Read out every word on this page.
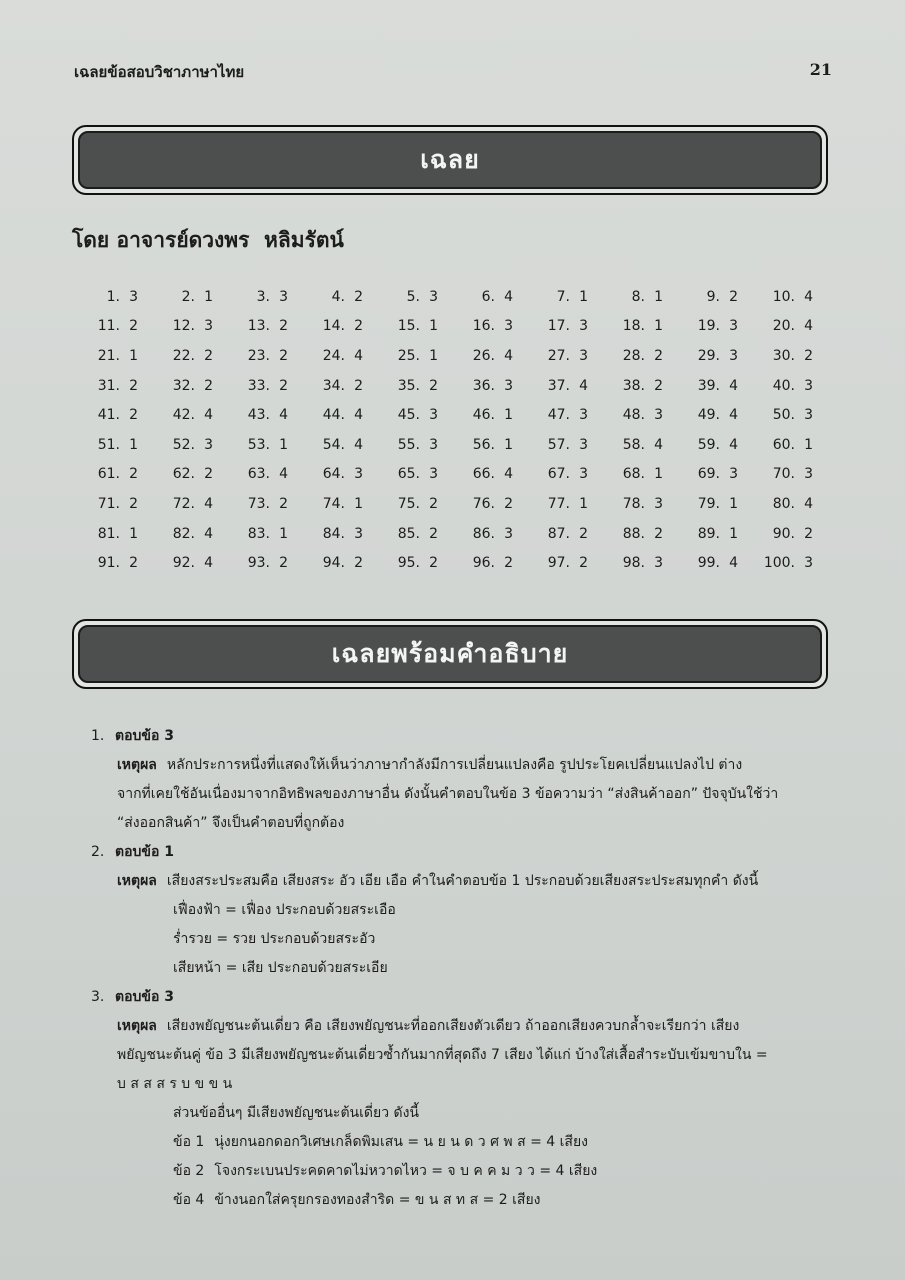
เฉลยข้อสอบวิชาภาษาไทย	21
เฉลย
โดย อาจารย์ดวงพร  หลิมรัตน์
1. 3	2. 1	3. 3	4. 2	5. 3	6. 4	7. 1	8. 1	9. 2	10. 4
11. 2	12. 3	13. 2	14. 2	15. 1	16. 3	17. 3	18. 1	19. 3	20. 4
21. 1	22. 2	23. 2	24. 4	25. 1	26. 4	27. 3	28. 2	29. 3	30. 2
31. 2	32. 2	33. 2	34. 2	35. 2	36. 3	37. 4	38. 2	39. 4	40. 3
41. 2	42. 4	43. 4	44. 4	45. 3	46. 1	47. 3	48. 3	49. 4	50. 3
51. 1	52. 3	53. 1	54. 4	55. 3	56. 1	57. 3	58. 4	59. 4	60. 1
61. 2	62. 2	63. 4	64. 3	65. 3	66. 4	67. 3	68. 1	69. 3	70. 3
71. 2	72. 4	73. 2	74. 1	75. 2	76. 2	77. 1	78. 3	79. 1	80. 4
81. 1	82. 4	83. 1	84. 3	85. 2	86. 3	87. 2	88. 2	89. 1	90. 2
91. 2	92. 4	93. 2	94. 2	95. 2	96. 2	97. 2	98. 3	99. 4	100. 3
เฉลยพร้อมคำอธิบาย
1. ตอบข้อ 3
เหตุผล หลักประการหนึ่งที่แสดงให้เห็นว่าภาษากำลังมีการเปลี่ยนแปลงคือ รูปประโยคเปลี่ยนแปลงไป ต่าง
จากที่เคยใช้อันเนื่องมาจากอิทธิพลของภาษาอื่น ดังนั้นคำตอบในข้อ 3 ข้อความว่า “ส่งสินค้าออก” ปัจจุบันใช้ว่า
“ส่งออกสินค้า” จึงเป็นคำตอบที่ถูกต้อง
2. ตอบข้อ 1
เหตุผล เสียงสระประสมคือ เสียงสระ อัว เอีย เอือ คำในคำตอบข้อ 1 ประกอบด้วยเสียงสระประสมทุกคำ ดังนี้
เฟื่องฟ้า = เฟื่อง ประกอบด้วยสระเอือ
ร่ำรวย = รวย ประกอบด้วยสระอัว
เสียหน้า = เสีย ประกอบด้วยสระเอีย
3. ตอบข้อ 3
เหตุผล เสียงพยัญชนะต้นเดี่ยว คือ เสียงพยัญชนะที่ออกเสียงตัวเดียว ถ้าออกเสียงควบกล้ำจะเรียกว่า เสียง
พยัญชนะต้นคู่ ข้อ 3 มีเสียงพยัญชนะต้นเดี่ยวซ้ำกันมากที่สุดถึง 7 เสียง ได้แก่ บ้างใส่เสื้อสำระบับเข้มขาบใน =
บ ส ส ส ร บ ข ข น
ส่วนข้ออื่นๆ มีเสียงพยัญชนะต้นเดี่ยว ดังนี้
ข้อ 1 นุ่งยกนอกดอกวิเศษเกล็ดพิมเสน = น ย น ด ว ศ พ ส = 4 เสียง
ข้อ 2 โจงกระเบนประคดคาดไม่หวาดไหว = จ บ ค ค ม ว ว = 4 เสียง
ข้อ 4 ข้างนอกใส่ครุยกรองทองสำริด = ข น ส ท ส = 2 เสียง
